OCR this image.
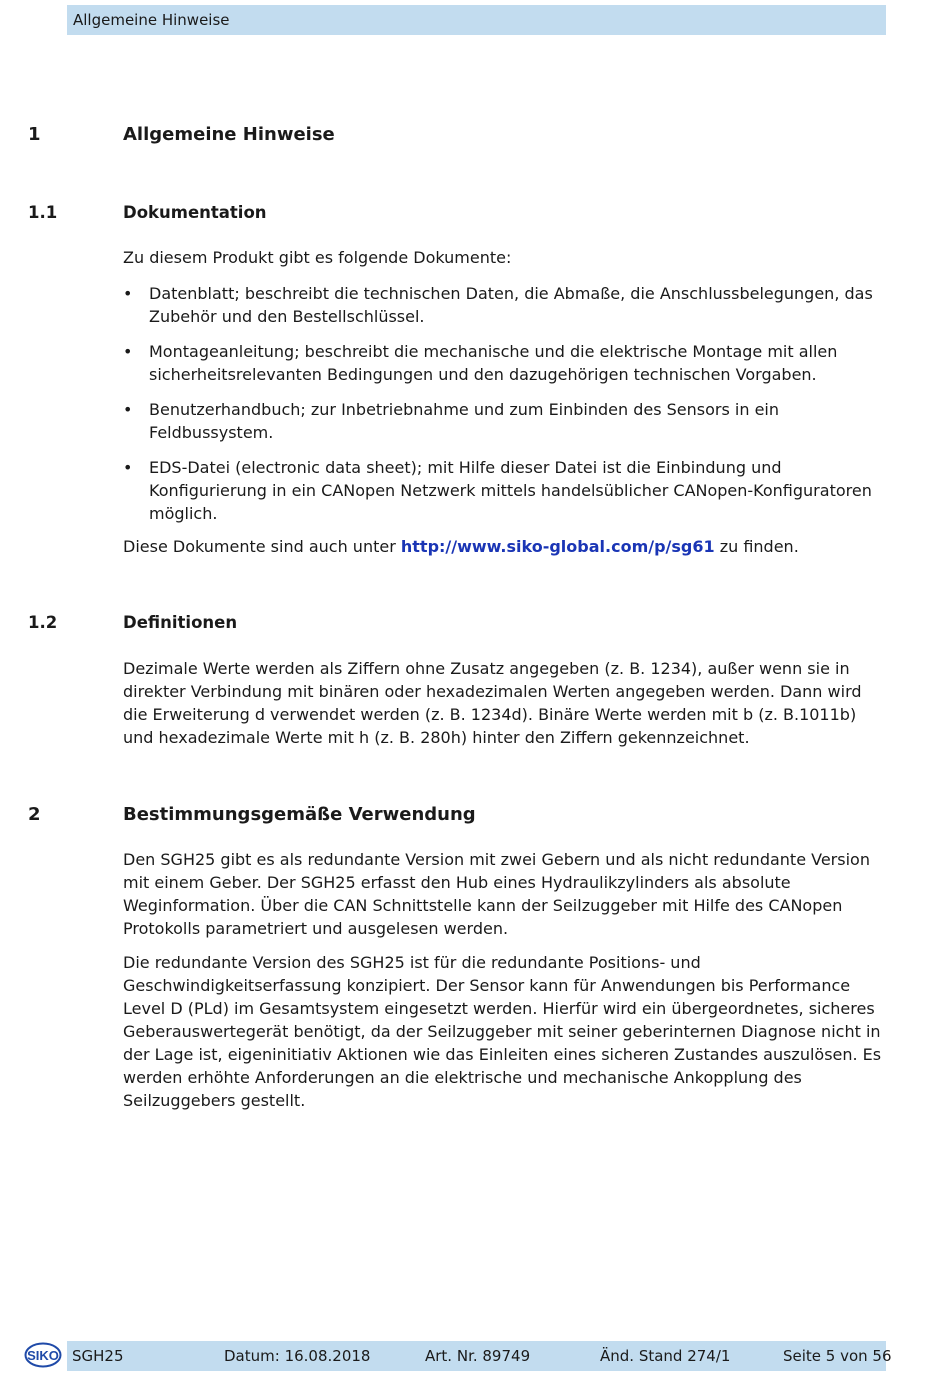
Allgemeine Hinweise
1	Allgemeine Hinweise
1.1	Dokumentation
Zu diesem Produkt gibt es folgende Dokumente:
• Datenblatt; beschreibt die technischen Daten, die Abmaße, die Anschlussbelegungen, das Zubehör und den Bestellschlüssel.
• Montageanleitung; beschreibt die mechanische und die elektrische Montage mit allen sicherheitsrelevanten Bedingungen und den dazugehörigen technischen Vorgaben.
• Benutzerhandbuch; zur Inbetriebnahme und zum Einbinden des Sensors in ein Feldbussystem.
• EDS-Datei (electronic data sheet); mit Hilfe dieser Datei ist die Einbindung und Konfigurierung in ein CANopen Netzwerk mittels handelsüblicher CANopen-Konfiguratoren möglich.
Diese Dokumente sind auch unter http://www.siko-global.com/p/sg61 zu finden.
1.2	Definitionen
Dezimale Werte werden als Ziffern ohne Zusatz angegeben (z. B. 1234), außer wenn sie in direkter Verbindung mit binären oder hexadezimalen Werten angegeben werden. Dann wird die Erweiterung d verwendet werden (z. B. 1234d). Binäre Werte werden mit b (z. B.1011b) und hexadezimale Werte mit h (z. B. 280h) hinter den Ziffern gekennzeichnet.
2	Bestimmungsgemäße Verwendung
Den SGH25 gibt es als redundante Version mit zwei Gebern und als nicht redundante Version mit einem Geber. Der SGH25 erfasst den Hub eines Hydraulikzylinders als absolute Weginformation. Über die CAN Schnittstelle kann der Seilzuggeber mit Hilfe des CANopen Protokolls parametriert und ausgelesen werden.
Die redundante Version des SGH25 ist für die redundante Positions- und Geschwindigkeitserfassung konzipiert. Der Sensor kann für Anwendungen bis Performance Level D (PLd) im Gesamtsystem eingesetzt werden. Hierfür wird ein übergeordnetes, sicheres Geberauswertegerät benötigt, da der Seilzuggeber mit seiner geberinternen Diagnose nicht in der Lage ist, eigeninitiativ Aktionen wie das Einleiten eines sicheren Zustandes auszulösen. Es werden erhöhte Anforderungen an die elektrische und mechanische Ankopplung des Seilzuggebers gestellt.
SIKO SGH25	Datum: 16.08.2018	Art. Nr. 89749	Änd. Stand 274/1	Seite 5 von 56
